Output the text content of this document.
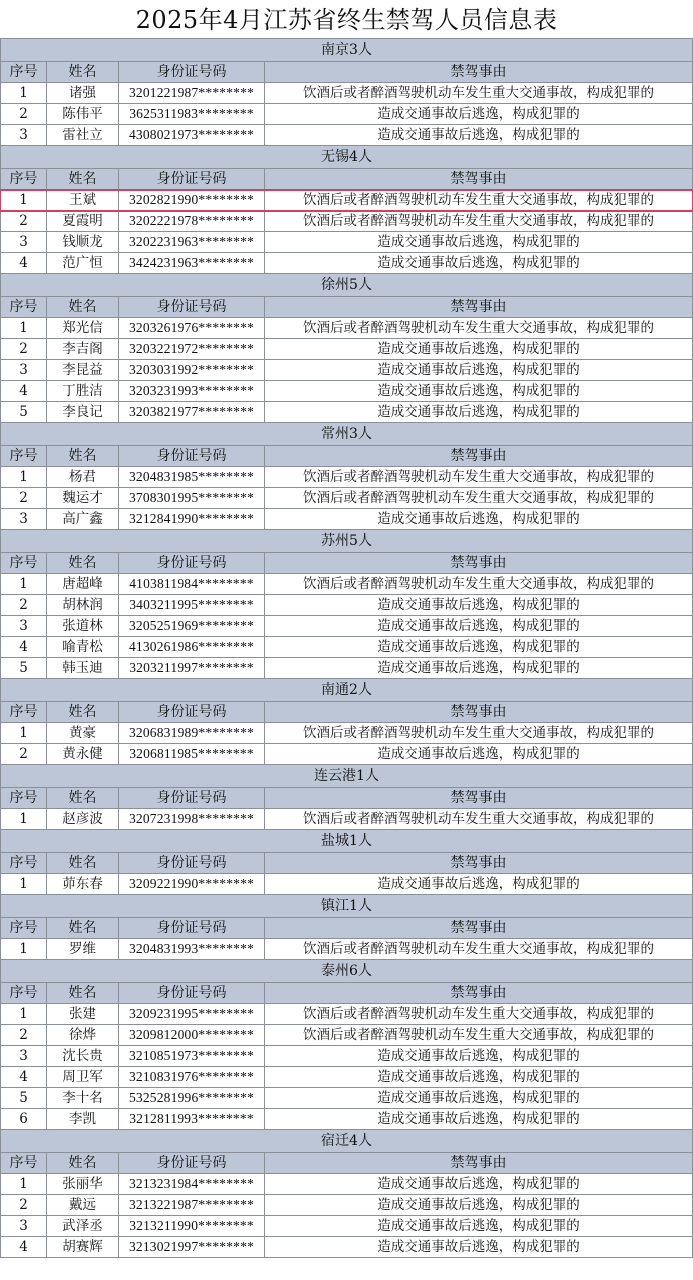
2025年4月江苏省终生禁驾人员信息表
南京3人
序号	姓名	身份证号码	禁驾事由
1	诸强	3201221987********	饮酒后或者醉酒驾驶机动车发生重大交通事故，构成犯罪的
2	陈伟平	3625311983********	造成交通事故后逃逸，构成犯罪的
3	雷社立	4308021973********	造成交通事故后逃逸，构成犯罪的
无锡4人
序号	姓名	身份证号码	禁驾事由
1	王斌	3202821990********	饮酒后或者醉酒驾驶机动车发生重大交通事故，构成犯罪的
2	夏霞明	3202221978********	饮酒后或者醉酒驾驶机动车发生重大交通事故，构成犯罪的
3	钱顺龙	3202231963********	造成交通事故后逃逸，构成犯罪的
4	范广恒	3424231963********	造成交通事故后逃逸，构成犯罪的
徐州5人
序号	姓名	身份证号码	禁驾事由
1	郑光信	3203261976********	饮酒后或者醉酒驾驶机动车发生重大交通事故，构成犯罪的
2	李吉阁	3203221972********	造成交通事故后逃逸，构成犯罪的
3	李昆益	3203031992********	造成交通事故后逃逸，构成犯罪的
4	丁胜洁	3203231993********	造成交通事故后逃逸，构成犯罪的
5	李良记	3203821977********	造成交通事故后逃逸，构成犯罪的
常州3人
序号	姓名	身份证号码	禁驾事由
1	杨君	3204831985********	饮酒后或者醉酒驾驶机动车发生重大交通事故，构成犯罪的
2	魏运才	3708301995********	饮酒后或者醉酒驾驶机动车发生重大交通事故，构成犯罪的
3	高广鑫	3212841990********	造成交通事故后逃逸，构成犯罪的
苏州5人
序号	姓名	身份证号码	禁驾事由
1	唐超峰	4103811984********	饮酒后或者醉酒驾驶机动车发生重大交通事故，构成犯罪的
2	胡林润	3403211995********	造成交通事故后逃逸，构成犯罪的
3	张道林	3205251969********	造成交通事故后逃逸，构成犯罪的
4	喻青松	4130261986********	造成交通事故后逃逸，构成犯罪的
5	韩玉迪	3203211997********	造成交通事故后逃逸，构成犯罪的
南通2人
序号	姓名	身份证号码	禁驾事由
1	黄豪	3206831989********	饮酒后或者醉酒驾驶机动车发生重大交通事故，构成犯罪的
2	黄永健	3206811985********	造成交通事故后逃逸，构成犯罪的
连云港1人
序号	姓名	身份证号码	禁驾事由
1	赵彦波	3207231998********	饮酒后或者醉酒驾驶机动车发生重大交通事故，构成犯罪的
盐城1人
序号	姓名	身份证号码	禁驾事由
1	茆东春	3209221990********	造成交通事故后逃逸，构成犯罪的
镇江1人
序号	姓名	身份证号码	禁驾事由
1	罗维	3204831993********	饮酒后或者醉酒驾驶机动车发生重大交通事故，构成犯罪的
泰州6人
序号	姓名	身份证号码	禁驾事由
1	张建	3209231995********	饮酒后或者醉酒驾驶机动车发生重大交通事故，构成犯罪的
2	徐烨	3209812000********	饮酒后或者醉酒驾驶机动车发生重大交通事故，构成犯罪的
3	沈长贵	3210851973********	造成交通事故后逃逸，构成犯罪的
4	周卫军	3210831976********	造成交通事故后逃逸，构成犯罪的
5	李十名	5325281996********	造成交通事故后逃逸，构成犯罪的
6	李凯	3212811993********	造成交通事故后逃逸，构成犯罪的
宿迁4人
序号	姓名	身份证号码	禁驾事由
1	张丽华	3213231984********	造成交通事故后逃逸，构成犯罪的
2	戴远	3213221987********	造成交通事故后逃逸，构成犯罪的
3	武泽丞	3213211990********	造成交通事故后逃逸，构成犯罪的
4	胡赛辉	3213021997********	造成交通事故后逃逸，构成犯罪的
